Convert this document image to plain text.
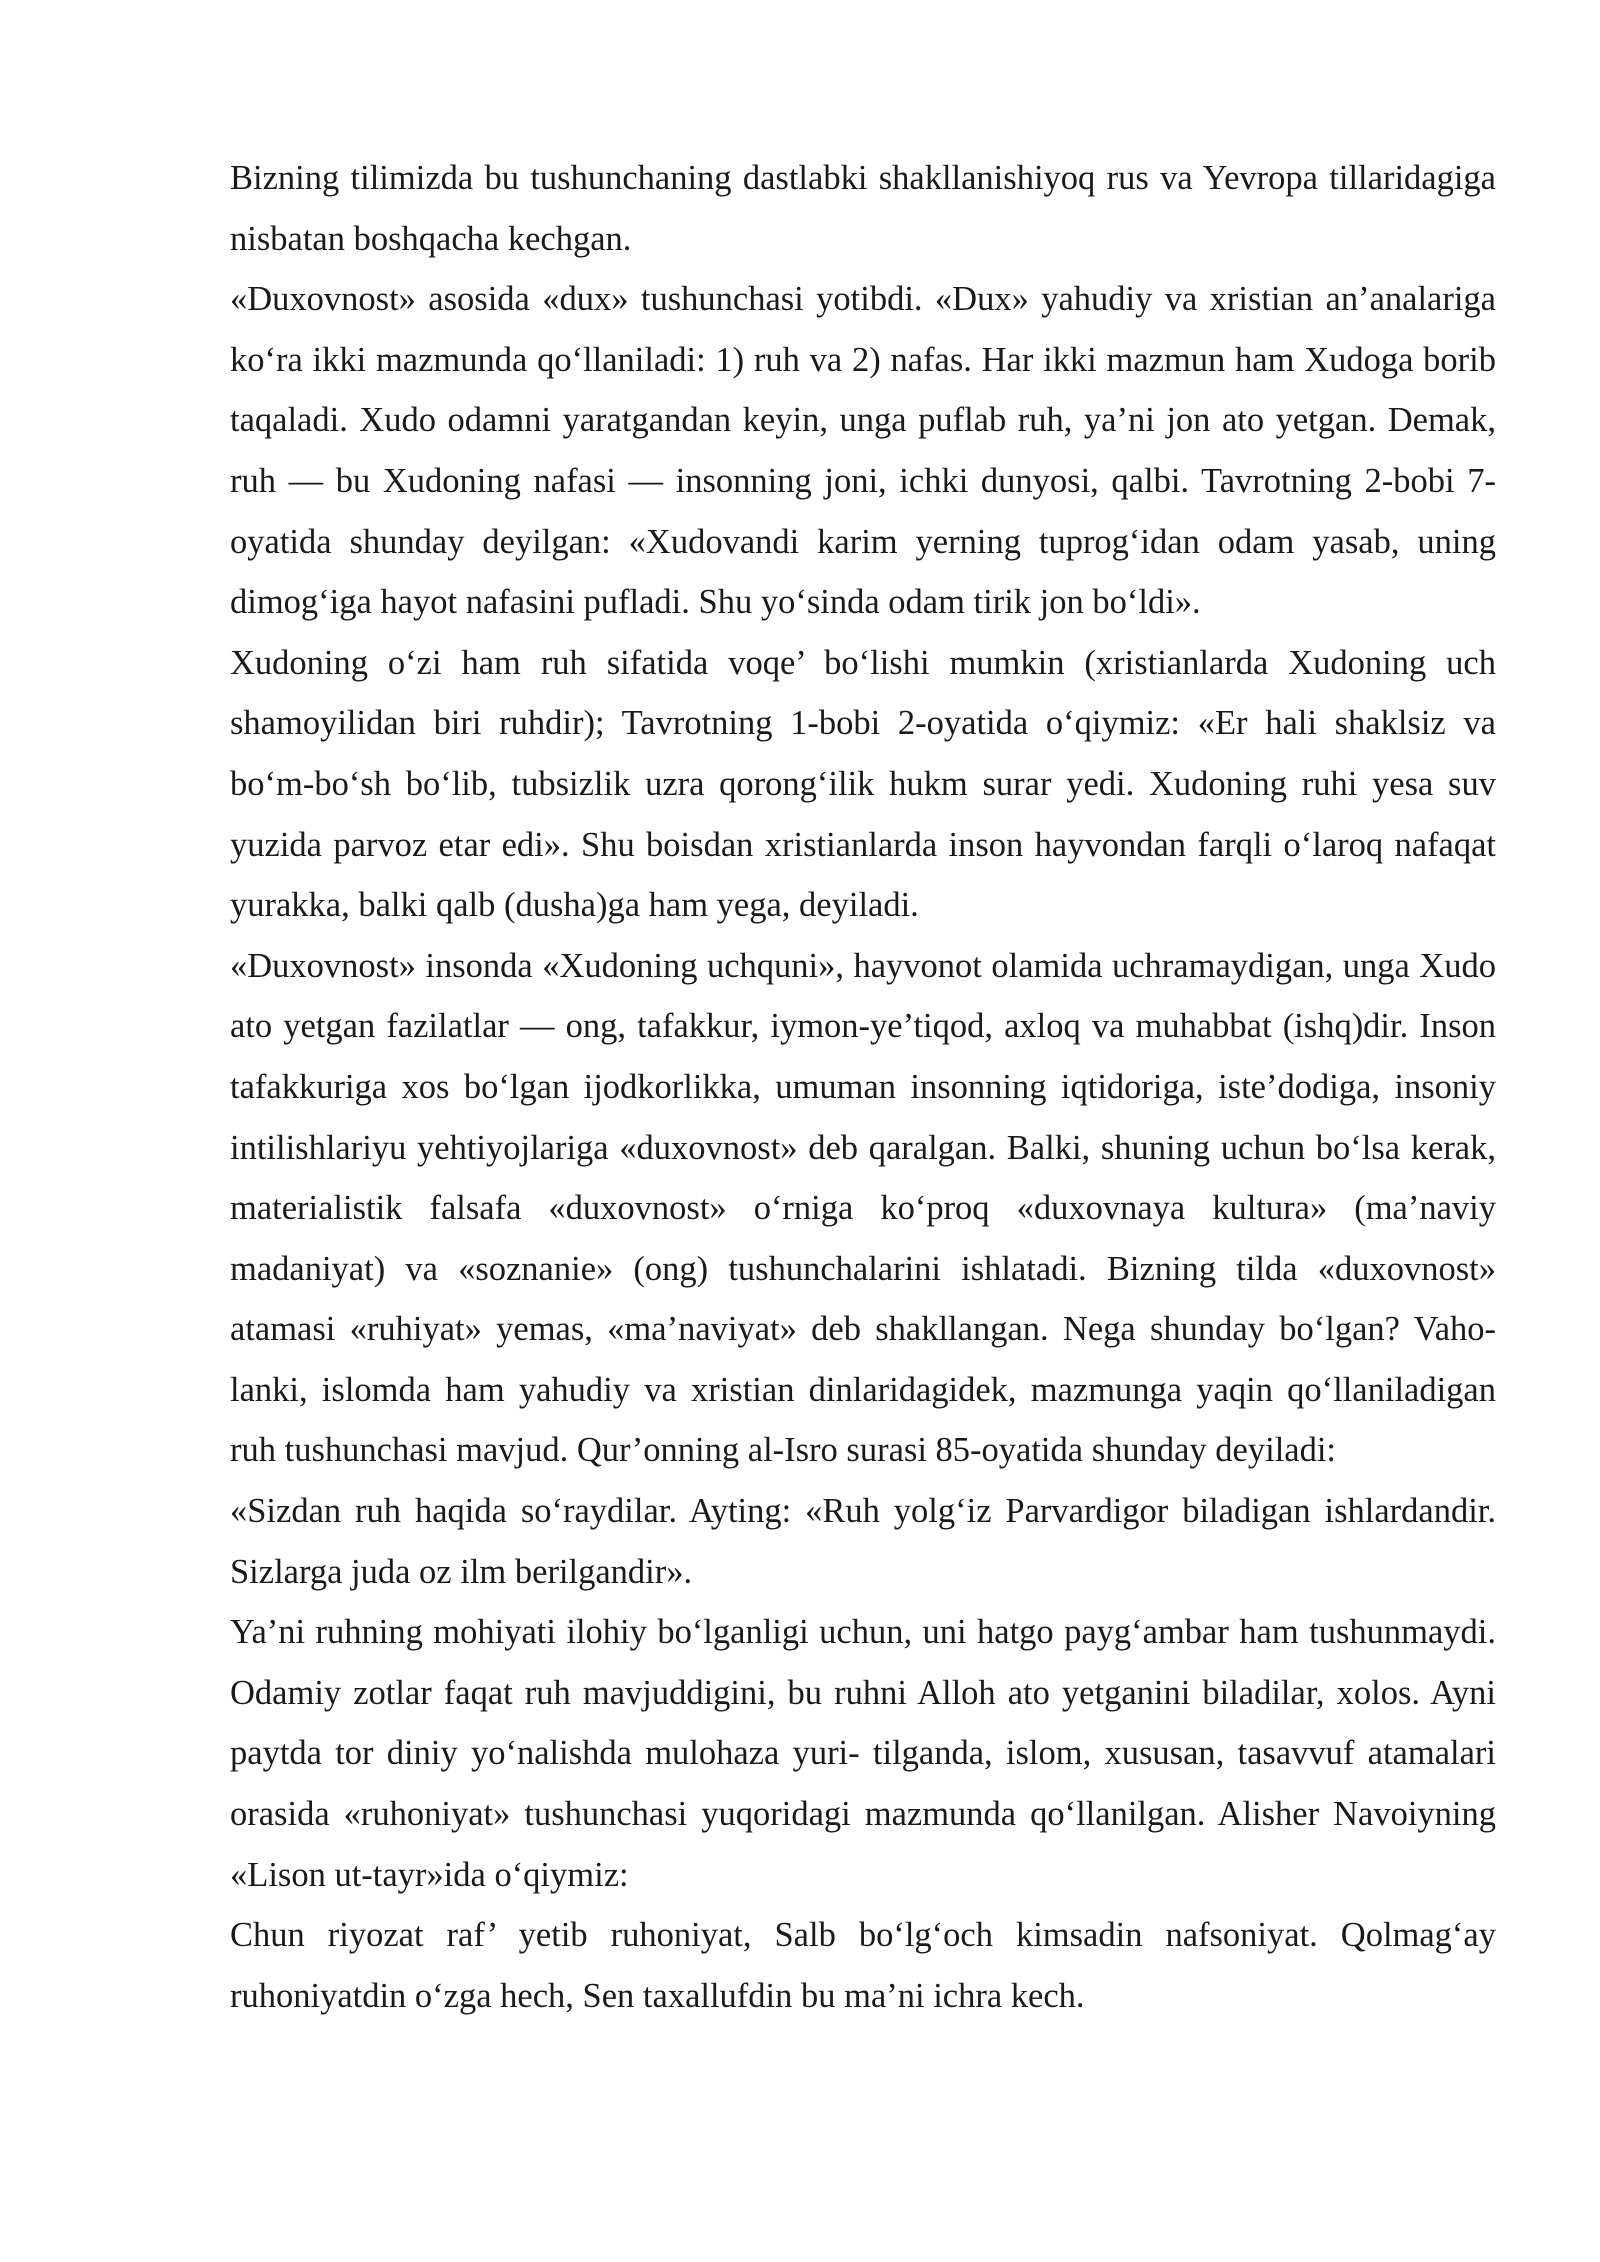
Bizning tilimizda bu tushunchaning dastlabki shakllanishiyoq rus va Yevropa tillaridagiga nisbatan boshqacha kechgan.

«Duxovnost» asosida «dux» tushunchasi yotibdi. «Dux» yahudiy va xristian an’analariga ko‘ra ikki mazmunda qo‘llaniladi: 1) ruh va 2) nafas. Har ikki mazmun ham Xudoga borib taqaladi. Xudo odamni yaratgandan keyin, unga puflab ruh, ya’ni jon ato yetgan. Demak, ruh — bu Xudoning nafasi — insonning joni, ichki dunyosi, qalbi. Tavrotning 2-bobi 7-oyatida shunday deyilgan: «Xudovandi karim yerning tuprog‘idan odam yasab, uning dimog‘iga hayot nafasini pufladi. Shu yo‘sinda odam tirik jon bo‘ldi».

Xudoning o‘zi ham ruh sifatida voqe’ bo‘lishi mumkin (xristianlarda Xudoning uch shamoyilidan biri ruhdir); Tavrotning 1-bobi 2-oyatida o‘qiymiz: «Er hali shaklsiz va bo‘m-bo‘sh bo‘lib, tubsizlik uzra qorong‘ilik hukm surar yedi. Xudoning ruhi yesa suv yuzida parvoz etar edi». Shu boisdan xristianlarda inson hayvondan farqli o‘laroq nafaqat yurakka, balki qalb (dusha)ga ham yega, deyiladi.

«Duxovnost» insonda «Xudoning uchquni», hayvonot olamida uchramaydigan, unga Xudo ato yetgan fazilatlar — ong, tafakkur, iymon-ye’tiqod, axloq va muhabbat (ishq)dir. Inson tafakkuriga xos bo‘lgan ijodkorlikka, umuman insonning iqtidoriga, iste’dodiga, insoniy intilishlariyu yehtiyojlariga «duxovnost» deb qaralgan. Balki, shuning uchun bo‘lsa kerak, materialistik falsafa «duxovnost» o‘rniga ko‘proq «duxovnaya kultura» (ma’naviy madaniyat) va «soznanie» (ong) tushunchalarini ishlatadi. Bizning tilda «duxovnost» atamasi «ruhiyat» yemas, «ma’naviyat» deb shakllangan. Nega shunday bo‘lgan? Vaho- lanki, islomda ham yahudiy va xristian dinlaridagidek, mazmunga yaqin qo‘llaniladigan ruh tushunchasi mavjud. Qur’onning al-Isro surasi 85-oyatida shunday deyiladi:

«Sizdan ruh haqida so‘raydilar. Ayting: «Ruh yolg‘iz Parvardigor biladigan ishlardandir. Sizlarga juda oz ilm berilgandir».

Ya’ni ruhning mohiyati ilohiy bo‘lganligi uchun, uni hatgo payg‘ambar ham tushunmaydi. Odamiy zotlar faqat ruh mavjuddigini, bu ruhni Alloh ato yetganini biladilar, xolos. Ayni paytda tor diniy yo‘nalishda mulohaza yuri- tilganda, islom, xususan, tasavvuf atamalari orasida «ruhoniyat» tushunchasi yuqoridagi mazmunda qo‘llanilgan. Alisher Navoiyning «Lison ut-tayr»ida o‘qiymiz:

Chun riyozat raf’ yetib ruhoniyat, Salb bo‘lg‘och kimsadin nafsoniyat. Qolmag‘ay ruhoniyatdin o‘zga hech, Sen taxallufdin bu ma’ni ichra kech.
